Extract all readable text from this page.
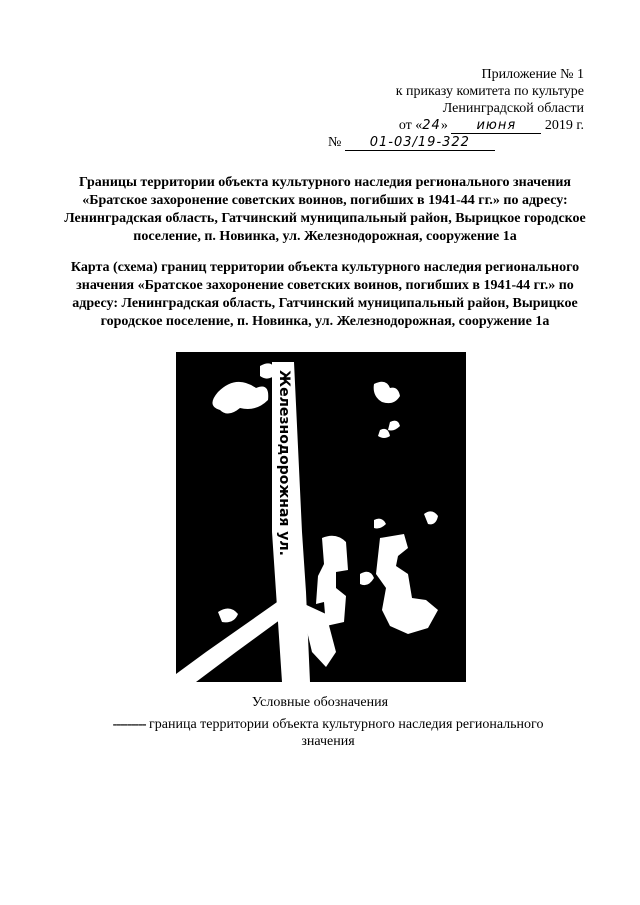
Приложение № 1
к приказу комитета по культуре
Ленинградской области
от «24» июня 2019 г.
№ 01-03/19-322
Границы территории объекта культурного наследия регионального значения «Братское захоронение советских воинов, погибших в 1941-44 гг.» по адресу: Ленинградская область, Гатчинский муниципальный район, Вырицкое городское поселение, п. Новинка, ул. Железнодорожная, сооружение 1а
Карта (схема) границ территории объекта культурного наследия регионального значения «Братское захоронение советских воинов, погибших в 1941-44 гг.» по адресу: Ленинградская область, Гатчинский муниципальный район, Вырицкое городское поселение, п. Новинка, ул. Железнодорожная, сооружение 1а
Железнодорожная ул.
Условные обозначения
--------- граница территории объекта культурного наследия регионального значения
